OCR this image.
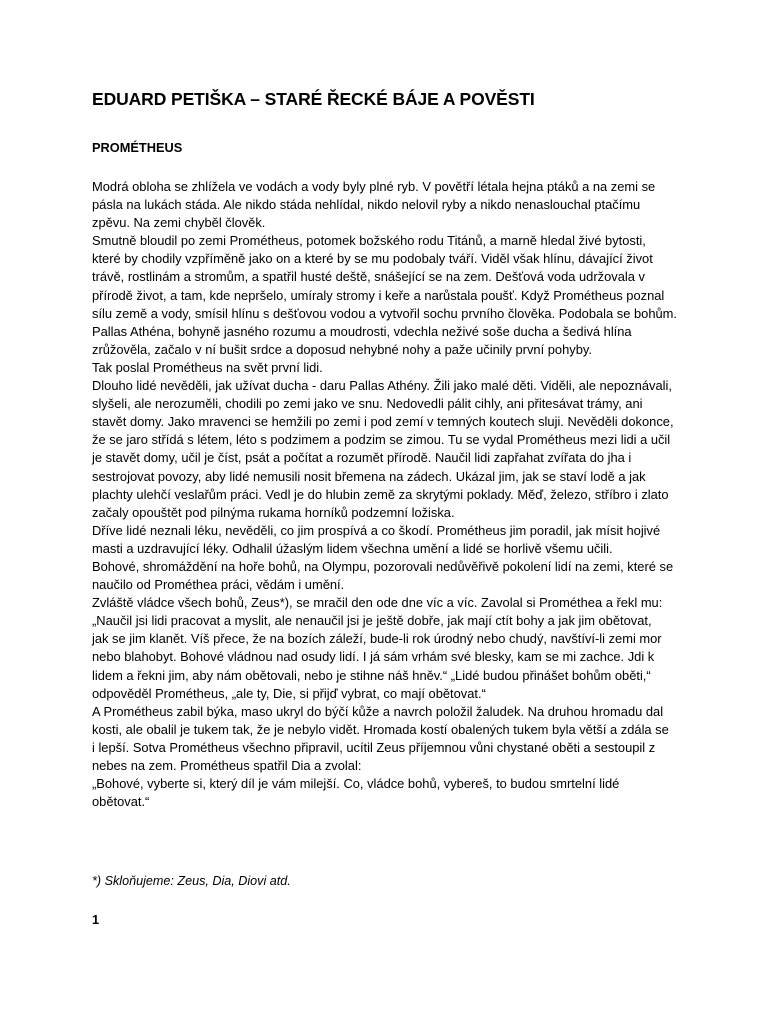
EDUARD PETIŠKA – STARÉ ŘECKÉ BÁJE A POVĚSTI
PROMÉTHEUS
Modrá obloha se zhlížela ve vodách a vody byly plné ryb. V povětří létala hejna ptáků a na zemi se
pásla na lukách stáda. Ale nikdo stáda nehlídal, nikdo nelovil ryby a nikdo nenaslouchal ptačímu
zpěvu. Na zemi chyběl člověk.
Smutně bloudil po zemi Prométheus, potomek božského rodu Titánů, a marně hledal živé bytosti,
které by chodily vzpříměně jako on a které by se mu podobaly tváří. Viděl však hlínu, dávající život
trávě, rostlinám a stromům, a spatřil husté deště, snášející se na zem. Dešťová voda udržovala v
přírodě život, a tam, kde nepršelo, umíraly stromy i keře a narůstala poušť. Když Prométheus poznal
sílu země a vody, smísil hlínu s dešťovou vodou a vytvořil sochu prvního člověka. Podobala se bohům.
Pallas Athéna, bohyně jasného rozumu a moudrosti, vdechla neživé soše ducha a šedivá hlína
zrůžověla, začalo v ní bušit srdce a doposud nehybné nohy a paže učinily první pohyby.
Tak poslal Prométheus na svět první lidi.
Dlouho lidé nevěděli, jak užívat ducha - daru Pallas Athény. Žili jako malé děti. Viděli, ale nepoznávali,
slyšeli, ale nerozuměli, chodili po zemi jako ve snu. Nedovedli pálit cihly, ani přitesávat trámy, ani
stavět domy. Jako mravenci se hemžili po zemi i pod zemí v temných koutech sluji. Nevěděli dokonce,
že se jaro střídá s létem, léto s podzimem a podzim se zimou. Tu se vydal Prométheus mezi lidi a učil
je stavět domy, učil je číst, psát a počítat a rozumět přírodě. Naučil lidi zapřahat zvířata do jha i
sestrojovat povozy, aby lidé nemusili nosit břemena na zádech. Ukázal jim, jak se staví lodě a jak
plachty ulehčí veslařům práci. Vedl je do hlubin země za skrytými poklady. Měď, železo, stříbro i zlato
začaly opouštět pod pilnýma rukama horníků podzemní ložiska.
Dříve lidé neznali léku, nevěděli, co jim prospívá a co škodí. Prométheus jim poradil, jak mísit hojivé
masti a uzdravující léky. Odhalil úžaslým lidem všechna umění a lidé se horlivě všemu učili.
Bohové, shromáždění na hoře bohů, na Olympu, pozorovali nedůvěřivě pokolení lidí na zemi, které se
naučilo od Prométhea práci, vědám i umění.
Zvláště vládce všech bohů, Zeus*), se mračil den ode dne víc a víc. Zavolal si Prométhea a řekl mu:
„Naučil jsi lidi pracovat a myslit, ale nenaučil jsi je ještě dobře, jak mají ctít bohy a jak jim obětovat,
jak se jim klanět. Víš přece, že na bozích záleží, bude-li rok úrodný nebo chudý, navštíví-li zemi mor
nebo blahobyt. Bohové vládnou nad osudy lidí. I já sám vrhám své blesky, kam se mi zachce. Jdi k
lidem a řekni jim, aby nám obětovali, nebo je stihne náš hněv.“ „Lidé budou přinášet bohům oběti,“
odpověděl Prométheus, „ale ty, Die, si přijď vybrat, co mají obětovat.“
A Prométheus zabil býka, maso ukryl do býčí kůže a navrch položil žaludek. Na druhou hromadu dal
kosti, ale obalil je tukem tak, že je nebylo vidět. Hromada kostí obalených tukem byla větší a zdála se
i lepší. Sotva Prométheus všechno připravil, ucítil Zeus příjemnou vůni chystané oběti a sestoupil z
nebes na zem. Prométheus spatřil Dia a zvolal:
„Bohové, vyberte si, který díl je vám milejší. Co, vládce bohů, vybereš, to budou smrtelní lidé
obětovat.“

*) Skloňujeme: Zeus, Dia, Diovi atd.

1
